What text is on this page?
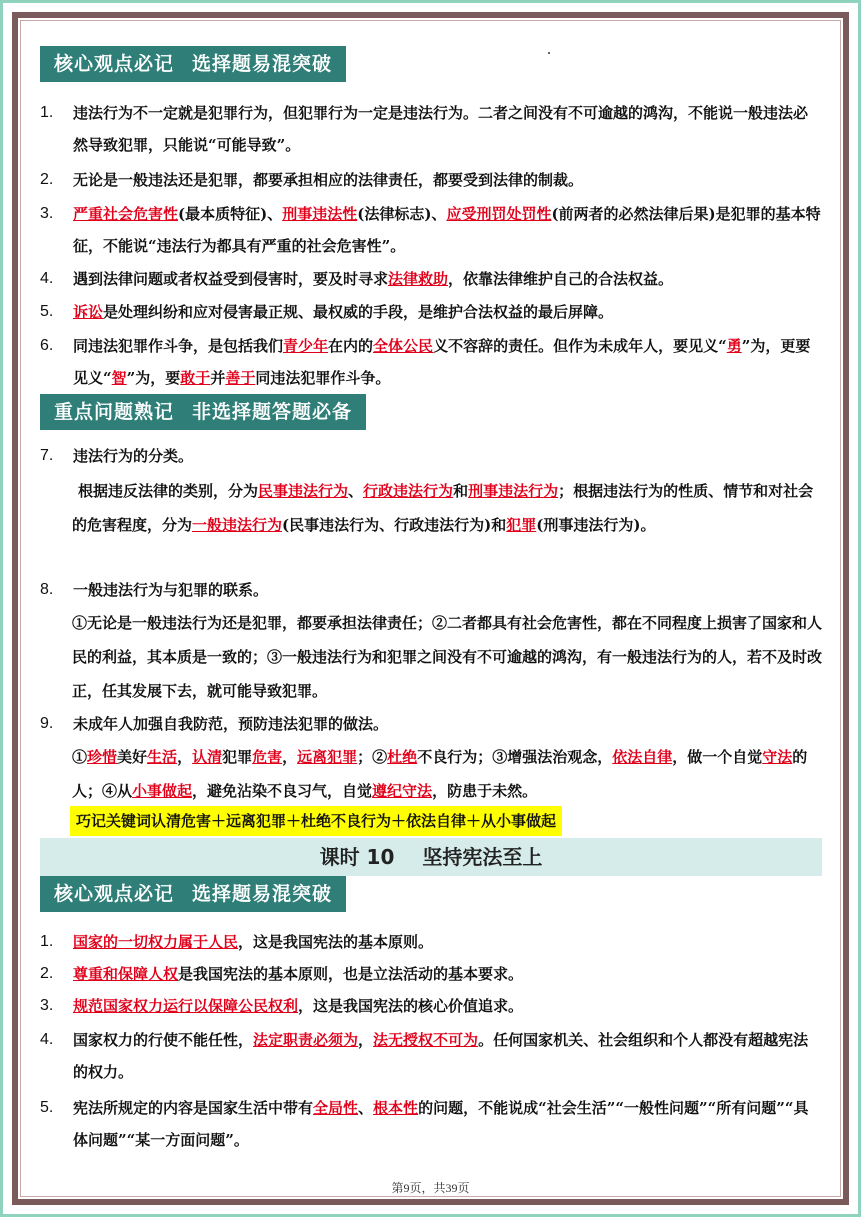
核心观点必记 选择题易混突破
1.	违法行为不一定就是犯罪行为，但犯罪行为一定是违法行为。二者之间没有不可逾越的鸿沟，不能说一般违法必然导致犯罪，只能说“可能导致”。
2.	无论是一般违法还是犯罪，都要承担相应的法律责任，都要受到法律的制裁。
3.	严重社会危害性(最本质特征)、刑事违法性(法律标志)、应受刑罚处罚性(前两者的必然法律后果)是犯罪的基本特征，不能说“违法行为都具有严重的社会危害性”。
4.	遇到法律问题或者权益受到侵害时，要及时寻求法律救助，依靠法律维护自己的合法权益。
5.	诉讼是处理纠纷和应对侵害最正规、最权威的手段，是维护合法权益的最后屏障。
6.	同违法犯罪作斗争，是包括我们青少年在内的全体公民义不容辞的责任。但作为未成年人，要见义“勇”为，更要见义“智”为，要敢于并善于同违法犯罪作斗争。
重点问题熟记 非选择题答题必备
7.	违法行为的分类。
根据违反法律的类别，分为民事违法行为、行政违法行为和刑事违法行为；根据违法行为的性质、情节和对社会的危害程度，分为一般违法行为(民事违法行为、行政违法行为)和犯罪(刑事违法行为)。
8.	一般违法行为与犯罪的联系。
①无论是一般违法行为还是犯罪，都要承担法律责任；②二者都具有社会危害性，都在不同程度上损害了国家和人民的利益，其本质是一致的；③一般违法行为和犯罪之间没有不可逾越的鸿沟，有一般违法行为的人，若不及时改正，任其发展下去，就可能导致犯罪。
9.	未成年人加强自我防范，预防违法犯罪的做法。
①珍惜美好生活，认清犯罪危害，远离犯罪；②杜绝不良行为；③增强法治观念，依法自律，做一个自觉守法的人；④从小事做起，避免沾染不良习气，自觉遵纪守法，防患于未然。
巧记关键词认清危害＋远离犯罪＋杜绝不良行为＋依法自律＋从小事做起
课时 10 坚持宪法至上
核心观点必记 选择题易混突破
1.	国家的一切权力属于人民，这是我国宪法的基本原则。
2.	尊重和保障人权是我国宪法的基本原则，也是立法活动的基本要求。
3.	规范国家权力运行以保障公民权利，这是我国宪法的核心价值追求。
4.	国家权力的行使不能任性，法定职责必须为，法无授权不可为。任何国家机关、社会组织和个人都没有超越宪法的权力。
5.	宪法所规定的内容是国家生活中带有全局性、根本性的问题，不能说成“社会生活”“一般性问题”“所有问题”“具体问题”“某一方面问题”。
第9页，共39页
